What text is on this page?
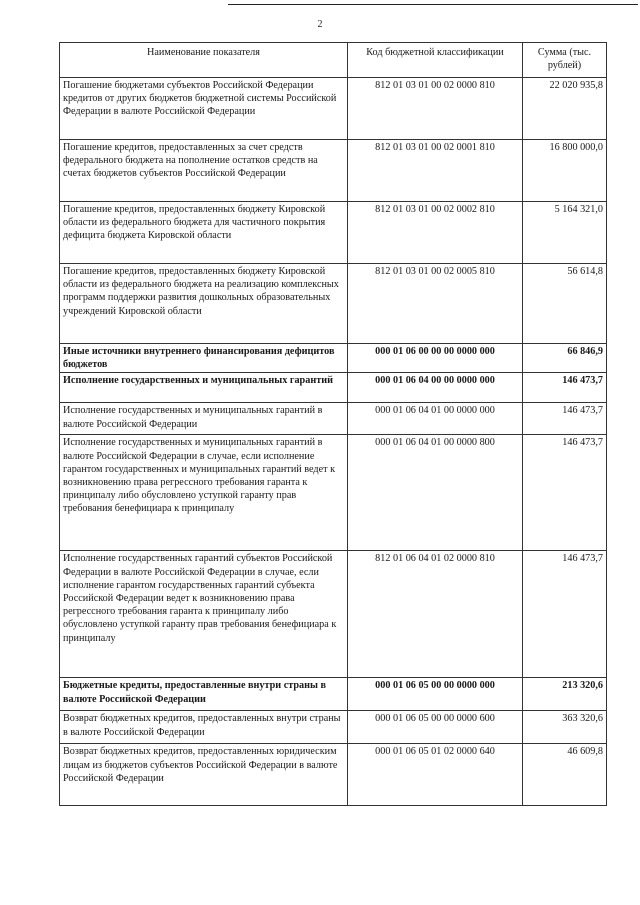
2
Наименование показателя	Код бюджетной классификации	Сумма (тыс. рублей)
Погашение бюджетами субъектов Российской Федерации кредитов от других бюджетов бюджетной системы Российской Федерации в валюте Российской Федерации	812 01 03 01 00 02 0000 810	22 020 935,8
Погашение кредитов, предоставленных за счет средств федерального бюджета на пополнение остатков средств на счетах бюджетов субъектов Российской Федерации	812 01 03 01 00 02 0001 810	16 800 000,0
Погашение кредитов, предоставленных бюджету Кировской области из федерального бюджета для частичного покрытия дефицита бюджета Кировской области	812 01 03 01 00 02 0002 810	5 164 321,0
Погашение кредитов, предоставленных бюджету Кировской области из федерального бюджета на реализацию комплексных программ поддержки развития дошкольных образовательных учреждений Кировской области	812 01 03 01 00 02 0005 810	56 614,8
Иные источники внутреннего финансирования дефицитов бюджетов	000 01 06 00 00 00 0000 000	66 846,9
Исполнение государственных и муниципальных гарантий	000 01 06 04 00 00 0000 000	146 473,7
Исполнение государственных и муниципальных гарантий в валюте Российской Федерации	000 01 06 04 01 00 0000 000	146 473,7
Исполнение государственных и муниципальных гарантий в валюте Российской Федерации в случае, если исполнение гарантом государственных и муниципальных гарантий ведет к возникновению права регрессного требования гаранта к принципалу либо обусловлено уступкой гаранту прав требования бенефициара к принципалу	000 01 06 04 01 00 0000 800	146 473,7
Исполнение государственных гарантий субъектов Российской Федерации в валюте Российской Федерации в случае, если исполнение гарантом государственных гарантий субъекта Российской Федерации ведет к возникновению права регрессного требования гаранта к принципалу либо обусловлено уступкой гаранту прав требования бенефициара к принципалу	812 01 06 04 01 02 0000 810	146 473,7
Бюджетные кредиты, предоставленные внутри страны в валюте Российской Федерации	000 01 06 05 00 00 0000 000	213 320,6
Возврат бюджетных кредитов, предоставленных внутри страны в валюте Российской Федерации	000 01 06 05 00 00 0000 600	363 320,6
Возврат бюджетных кредитов, предоставленных юридическим лицам из бюджетов субъектов Российской Федерации в валюте Российской Федерации	000 01 06 05 01 02 0000 640	46 609,8
